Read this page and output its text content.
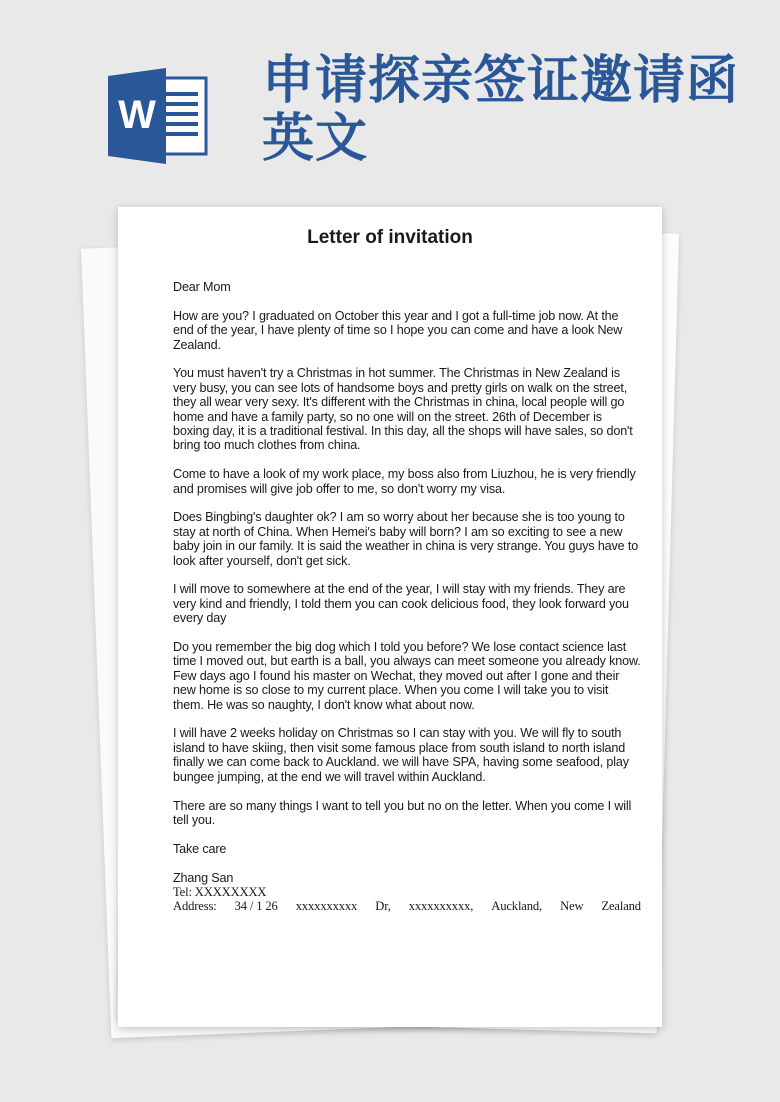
W
申请探亲签证邀请函英文
Letter of invitation

Dear Mom

How are you? I graduated on October this year and I got a full-time job now. At the end of the year, I have plenty of time so I hope you can come and have a look New Zealand.

You must haven't try a Christmas in hot summer. The Christmas in New Zealand is very busy, you can see lots of handsome boys and pretty girls on walk on the street, they all wear very sexy. It's different with the Christmas in china, local people will go home and have a family party, so no one will on the street. 26th of December is boxing day, it is a traditional festival. In this day, all the shops will have sales, so don't bring too much clothes from china.

Come to have a look of my work place, my boss also from Liuzhou, he is very friendly and promises will give job offer to me, so don't worry my visa.

Does Bingbing's daughter ok? I am so worry about her because she is too young to stay at north of China. When Hemei's baby will born? I am so exciting to see a new baby join in our family. It is said the weather in china is very strange. You guys have to look after yourself, don't get sick.

I will move to somewhere at the end of the year, I will stay with my friends. They are very kind and friendly, I told them you can cook delicious food, they look forward you every day

Do you remember the big dog which I told you before? We lose contact science last time I moved out, but earth is a ball, you always can meet someone you already know. Few days ago I found his master on Wechat, they moved out after I gone and their new home is so close to my current place. When you come I will take you to visit them. He was so naughty, I don't know what about now.

I will have 2 weeks holiday on Christmas so I can stay with you. We will fly to south island to have skiing, then visit some famous place from south island to north island finally we can come back to Auckland. we will have SPA, having some seafood, play bungee jumping, at the end we will travel within Auckland.

There are so many things I want to tell you but no on the letter. When you come I will tell you.

Take care

Zhang San
Tel: XXXXXXXX
Address: 34 / 1 26 xxxxxxxxxx Dr, xxxxxxxxxx, Auckland, New Zealand
